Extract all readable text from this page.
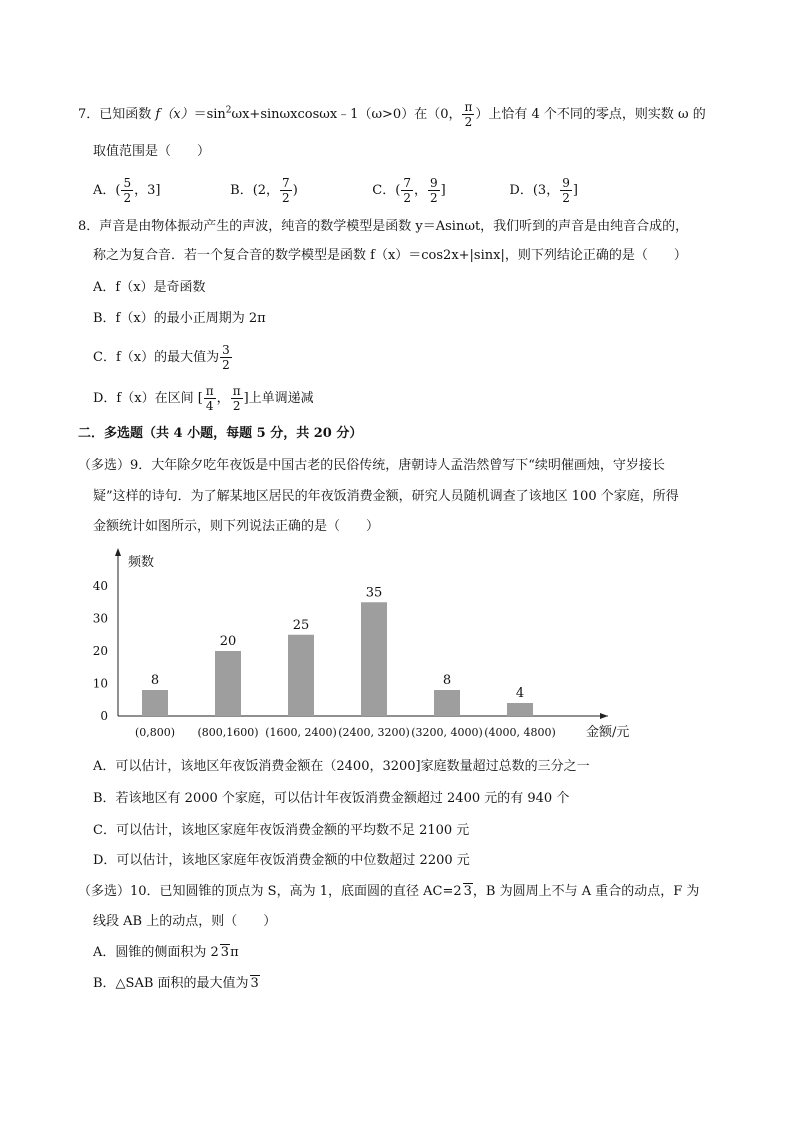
7．已知函数 $f(x)=\sin^2\omega x+\sin\omega xcos\omega x﹣1(\omega>0)$在（0， $\frac{\pi}{2}$ ）上恰有 4 个不同的零点，则实数 ω 的
取值范围是（　　）
A．( $\frac{5}{2}$ ，3]	B．(2， $\frac{7}{2}$ )	C．( $\frac{7}{2}$ ， $\frac{9}{2}$ ]	D．(3， $\frac{9}{2}$ ]
8．声音是由物体振动产生的声波，纯音的数学模型是函数 y＝Asinωt，我们听到的声音是由纯音合成的，
称之为复合音．若一个复合音的数学模型是函数 f（x）＝cos2x+|sinx|，则下列结论正确的是（　　）
A．f（x）是奇函数
B．f（x）的最小正周期为 2π
C．f（x）的最大值为 $\frac{3}{2}$
D．f（x）在区间 [ $\frac{\pi}{4}$ ， $\frac{\pi}{2}$ ]上单调递减
二．多选题（共 4 小题，每题 5 分，共 20 分）
（多选）9．大年除夕吃年夜饭是中国古老的民俗传统，唐朝诗人孟浩然曾写下“续明催画烛，守岁接长
疑”这样的诗句．为了解某地区居民的年夜饭消费金额，研究人员随机调查了该地区 100 个家庭，所得
金额统计如图所示，则下列说法正确的是（　　）
0
10
20
30
40
频数
金额/元
8
20
25
35
8
4
(0,800) (800,1600) (1600, 2400) (2400, 3200) (3200, 4000) (4000, 4800)
A．可以估计，该地区年夜饭消费金额在（2400，3200]家庭数量超过总数的三分之一
B．若该地区有 2000 个家庭，可以估计年夜饭消费金额超过 2400 元的有 940 个
C．可以估计，该地区家庭年夜饭消费金额的平均数不足 2100 元
D．可以估计，该地区家庭年夜饭消费金额的中位数超过 2200 元
（多选）10．已知圆锥的顶点为 S，高为 1，底面圆的直径 AC=2 3，B 为圆周上不与 A 重合的动点，F 为
线段 AB 上的动点，则（　　）
A．圆锥的侧面积为 2 3π
B．△SAB 面积的最大值为 3
